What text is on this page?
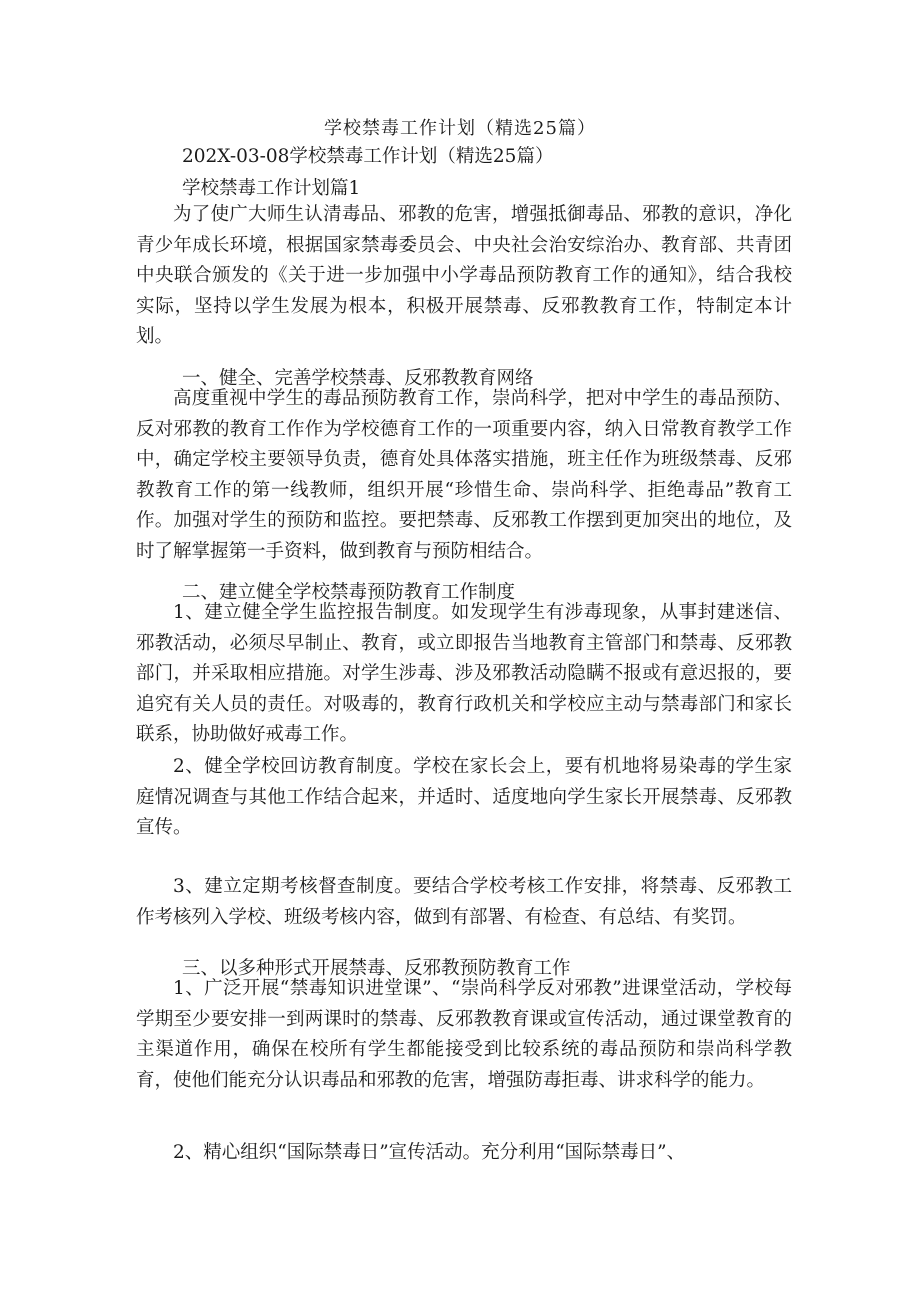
学校禁毒工作计划（精选25篇）
202X-03-08学校禁毒工作计划（精选25篇）
学校禁毒工作计划篇1
为了使广大师生认清毒品、邪教的危害，增强抵御毒品、邪教的意识，净化青少年成长环境，根据国家禁毒委员会、中央社会治安综治办、教育部、共青团中央联合颁发的《关于进一步加强中小学毒品预防教育工作的通知》，结合我校实际，坚持以学生发展为根本，积极开展禁毒、反邪教教育工作，特制定本计划。
一、健全、完善学校禁毒、反邪教教育网络
高度重视中学生的毒品预防教育工作，崇尚科学，把对中学生的毒品预防、反对邪教的教育工作作为学校德育工作的一项重要内容，纳入日常教育教学工作中，确定学校主要领导负责，德育处具体落实措施，班主任作为班级禁毒、反邪教教育工作的第一线教师，组织开展“珍惜生命、崇尚科学、拒绝毒品”教育工作。加强对学生的预防和监控。要把禁毒、反邪教工作摆到更加突出的地位，及时了解掌握第一手资料，做到教育与预防相结合。
二、建立健全学校禁毒预防教育工作制度
1、建立健全学生监控报告制度。如发现学生有涉毒现象，从事封建迷信、邪教活动，必须尽早制止、教育，或立即报告当地教育主管部门和禁毒、反邪教部门，并采取相应措施。对学生涉毒、涉及邪教活动隐瞒不报或有意迟报的，要追究有关人员的责任。对吸毒的，教育行政机关和学校应主动与禁毒部门和家长联系，协助做好戒毒工作。
2、健全学校回访教育制度。学校在家长会上，要有机地将易染毒的学生家庭情况调查与其他工作结合起来，并适时、适度地向学生家长开展禁毒、反邪教宣传。
3、建立定期考核督查制度。要结合学校考核工作安排，将禁毒、反邪教工作考核列入学校、班级考核内容，做到有部署、有检查、有总结、有奖罚。
三、以多种形式开展禁毒、反邪教预防教育工作
1、广泛开展“禁毒知识进堂课”、“崇尚科学反对邪教”进课堂活动，学校每学期至少要安排一到两课时的禁毒、反邪教教育课或宣传活动，通过课堂教育的主渠道作用，确保在校所有学生都能接受到比较系统的毒品预防和崇尚科学教育，使他们能充分认识毒品和邪教的危害，增强防毒拒毒、讲求科学的能力。
2、精心组织“国际禁毒日”宣传活动。充分利用“国际禁毒日”、
